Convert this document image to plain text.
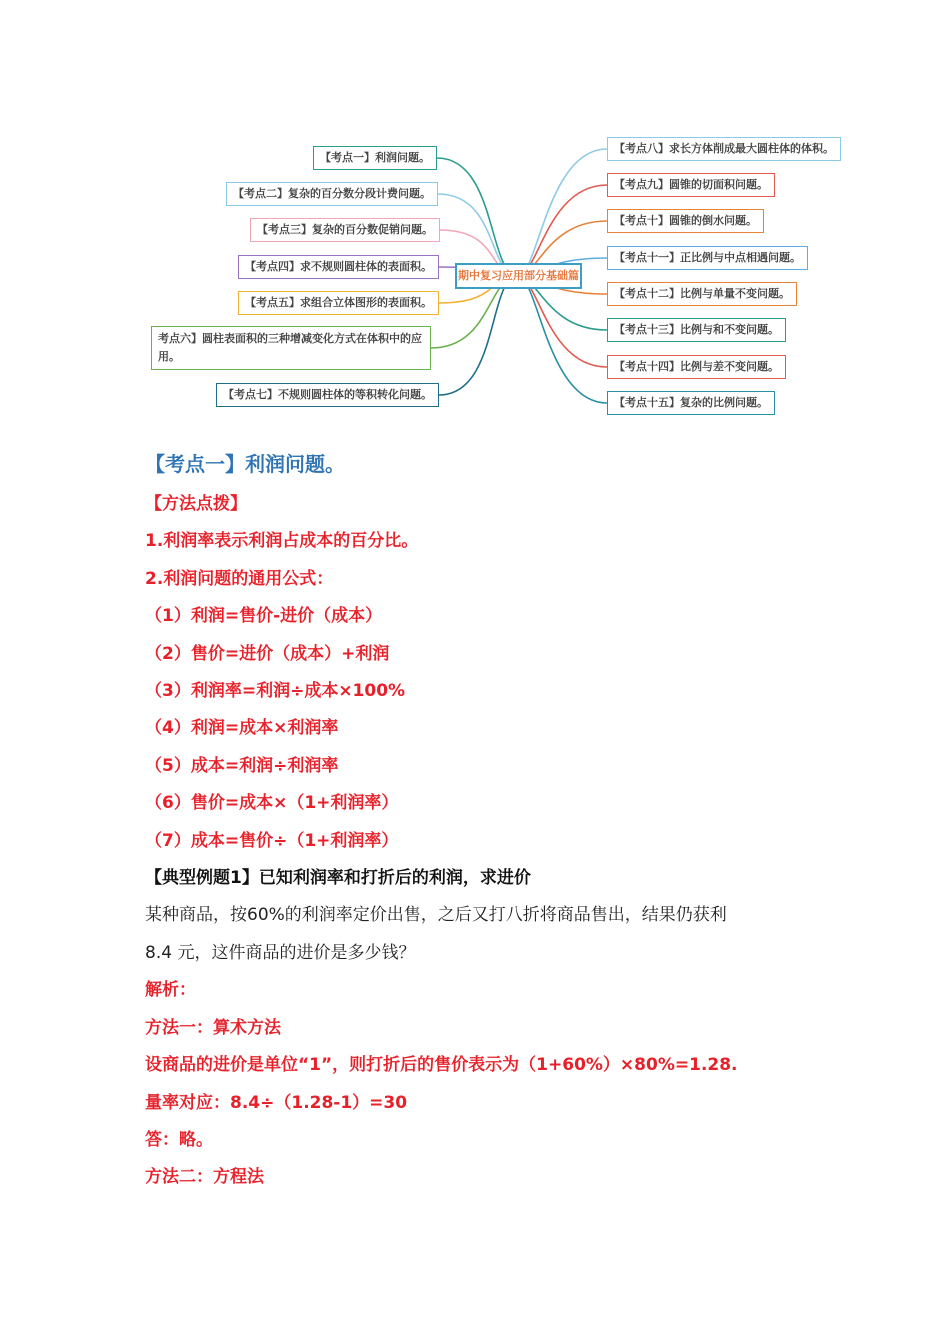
期中复习应用部分基础篇
【考点一】利润问题。
【考点二】复杂的百分数分段计费问题。
【考点三】复杂的百分数促销问题。
【考点四】求不规则圆柱体的表面积。
【考点五】求组合立体图形的表面积。
考点六】圆柱表面积的三种增减变化方式在体积中的应用。
【考点七】不规则圆柱体的等积转化问题。
【考点八】求长方体削成最大圆柱体的体积。
【考点九】圆锥的切面积问题。
【考点十】圆锥的倒水问题。
【考点十一】正比例与中点相遇问题。
【考点十二】比例与单量不变问题。
【考点十三】比例与和不变问题。
【考点十四】比例与差不变问题。
【考点十五】复杂的比例问题。
【考点一】利润问题。
【方法点拨】
1.利润率表示利润占成本的百分比。
2.利润问题的通用公式：
（1）利润=售价-进价（成本）
（2）售价=进价（成本）+利润
（3）利润率=利润÷成本×100%
（4）利润=成本×利润率
（5）成本=利润÷利润率
（6）售价=成本×（1+利润率）
（7）成本=售价÷（1+利润率）
【典型例题1】已知利润率和打折后的利润，求进价
某种商品，按60%的利润率定价出售，之后又打八折将商品售出，结果仍获利
8.4 元，这件商品的进价是多少钱？
解析：
方法一：算术方法
设商品的进价是单位“1”，则打折后的售价表示为（1+60%）×80%=1.28.
量率对应：8.4÷（1.28-1）=30
答：略。
方法二：方程法
